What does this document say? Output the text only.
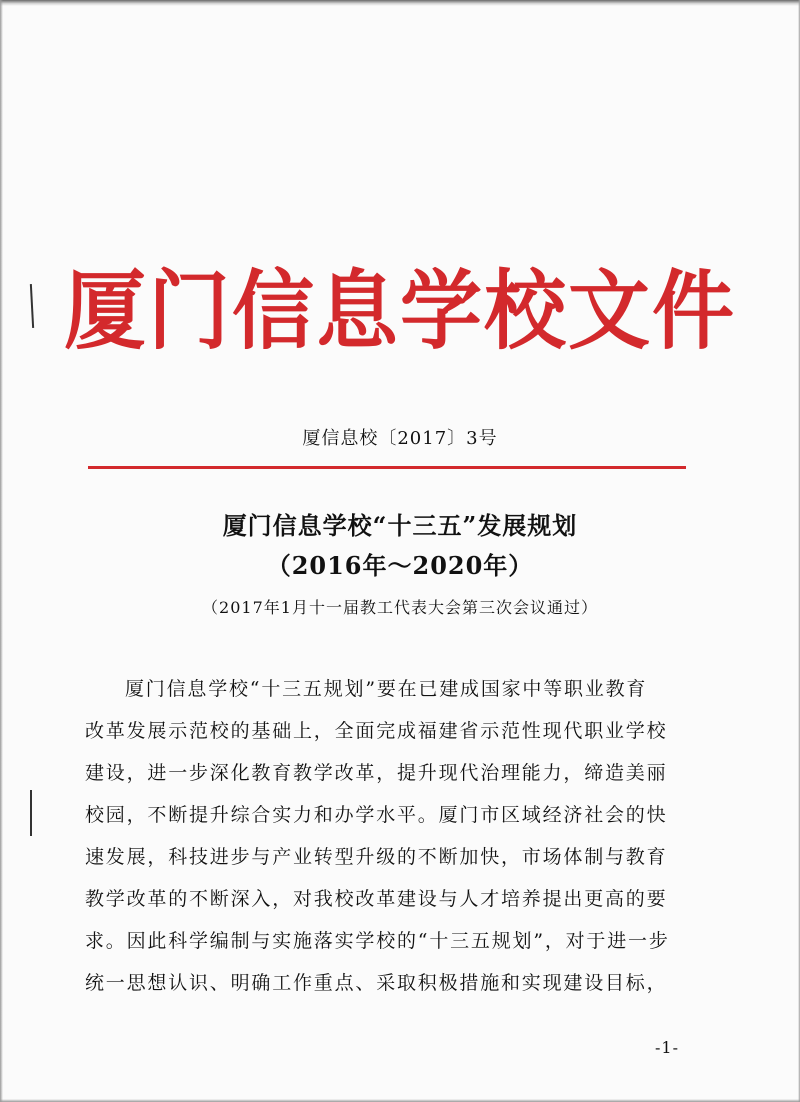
厦门信息学校文件
厦信息校〔2017〕3号
厦门信息学校“十三五”发展规划
（2016年～2020年）
（2017年1月十一届教工代表大会第三次会议通过）
厦门信息学校“十三五规划”要在已建成国家中等职业教育
改革发展示范校的基础上，全面完成福建省示范性现代职业学校
建设，进一步深化教育教学改革，提升现代治理能力，缔造美丽
校园，不断提升综合实力和办学水平。厦门市区域经济社会的快
速发展，科技进步与产业转型升级的不断加快，市场体制与教育
教学改革的不断深入，对我校改革建设与人才培养提出更高的要
求。因此科学编制与实施落实学校的“十三五规划”，对于进一步
统一思想认识、明确工作重点、采取积极措施和实现建设目标，
-1-
